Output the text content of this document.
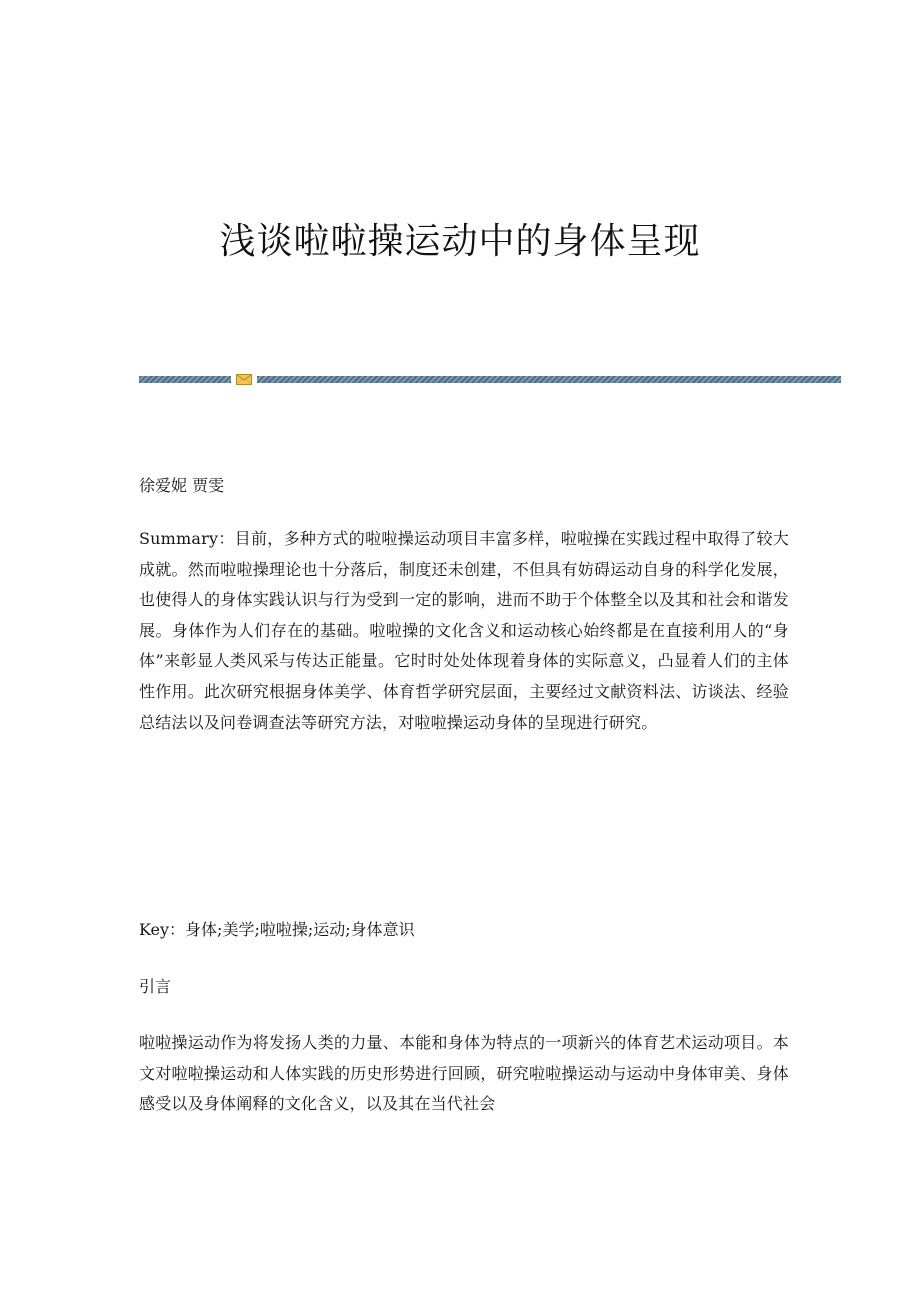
浅谈啦啦操运动中的身体呈现
徐爱妮 贾雯
Summary：目前，多种方式的啦啦操运动项目丰富多样，啦啦操在实践过程中取得了较大成就。然而啦啦操理论也十分落后，制度还未创建，不但具有妨碍运动自身的科学化发展，也使得人的身体实践认识与行为受到一定的影响，进而不助于个体整全以及其和社会和谐发展。身体作为人们存在的基础。啦啦操的文化含义和运动核心始终都是在直接利用人的“身体”来彰显人类风采与传达正能量。它时时处处体现着身体的实际意义，凸显着人们的主体性作用。此次研究根据身体美学、体育哲学研究层面，主要经过文献资料法、访谈法、经验总结法以及问卷调查法等研究方法，对啦啦操运动身体的呈现进行研究。
Key：身体;美学;啦啦操;运动;身体意识
引言
啦啦操运动作为将发扬人类的力量、本能和身体为特点的一项新兴的体育艺术运动项目。本文对啦啦操运动和人体实践的历史形势进行回顾，研究啦啦操运动与运动中身体审美、身体感受以及身体阐释的文化含义，以及其在当代社会
